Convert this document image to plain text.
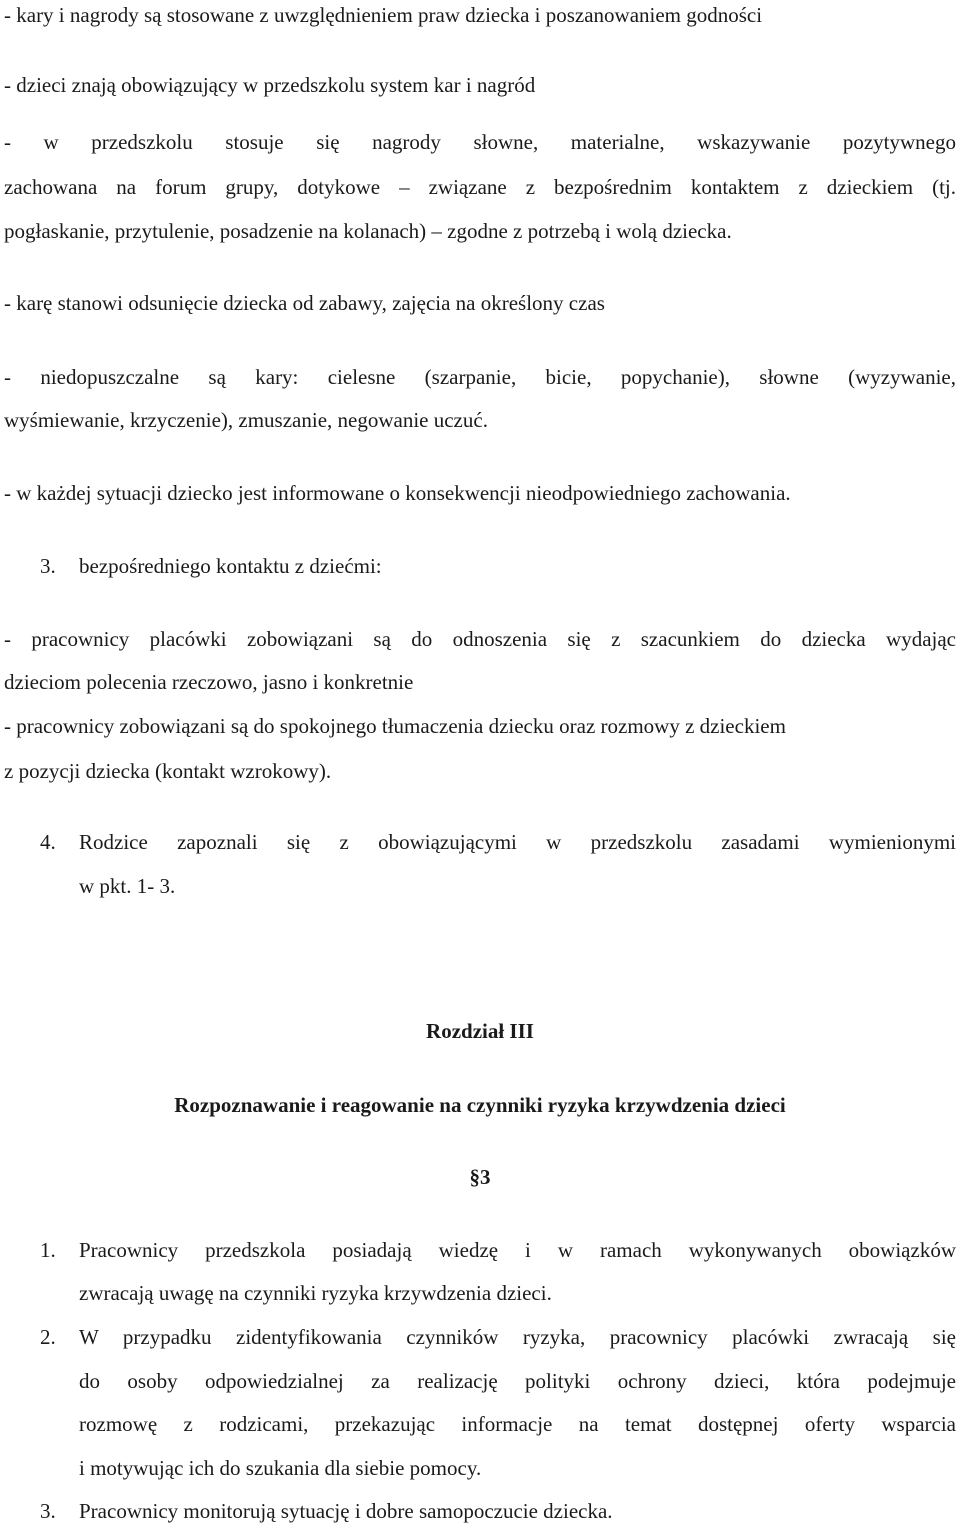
- kary i nagrody są stosowane z uwzględnieniem praw dziecka i poszanowaniem godności
- dzieci znają obowiązujący w przedszkolu system kar i nagród
- w przedszkolu stosuje się nagrody słowne, materialne, wskazywanie pozytywnego
zachowana na forum grupy, dotykowe – związane z bezpośrednim kontaktem z dzieckiem (tj.
pogłaskanie, przytulenie, posadzenie na kolanach) – zgodne z potrzebą i wolą dziecka.
- karę stanowi odsunięcie dziecka od zabawy, zajęcia na określony czas
- niedopuszczalne są kary: cielesne (szarpanie, bicie, popychanie), słowne (wyzywanie,
wyśmiewanie, krzyczenie), zmuszanie, negowanie uczuć.
- w każdej sytuacji dziecko jest informowane o konsekwencji nieodpowiedniego zachowania.
3. bezpośredniego kontaktu z dziećmi:
- pracownicy placówki zobowiązani są do odnoszenia się z szacunkiem do dziecka wydając
dzieciom polecenia rzeczowo, jasno i konkretnie
- pracownicy zobowiązani są do spokojnego tłumaczenia dziecku oraz rozmowy z dzieckiem
z pozycji dziecka (kontakt wzrokowy).
4. Rodzice zapoznali się z obowiązującymi w przedszkolu zasadami wymienionymi
w pkt. 1- 3.
Rozdział III
Rozpoznawanie i reagowanie na czynniki ryzyka krzywdzenia dzieci
§3
1. Pracownicy przedszkola posiadają wiedzę i w ramach wykonywanych obowiązków
zwracają uwagę na czynniki ryzyka krzywdzenia dzieci.
2. W przypadku zidentyfikowania czynników ryzyka, pracownicy placówki zwracają się
do osoby odpowiedzialnej za realizację polityki ochrony dzieci, która podejmuje
rozmowę z rodzicami, przekazując informacje na temat dostępnej oferty wsparcia
i motywując ich do szukania dla siebie pomocy.
3. Pracownicy monitorują sytuację i dobre samopoczucie dziecka.
